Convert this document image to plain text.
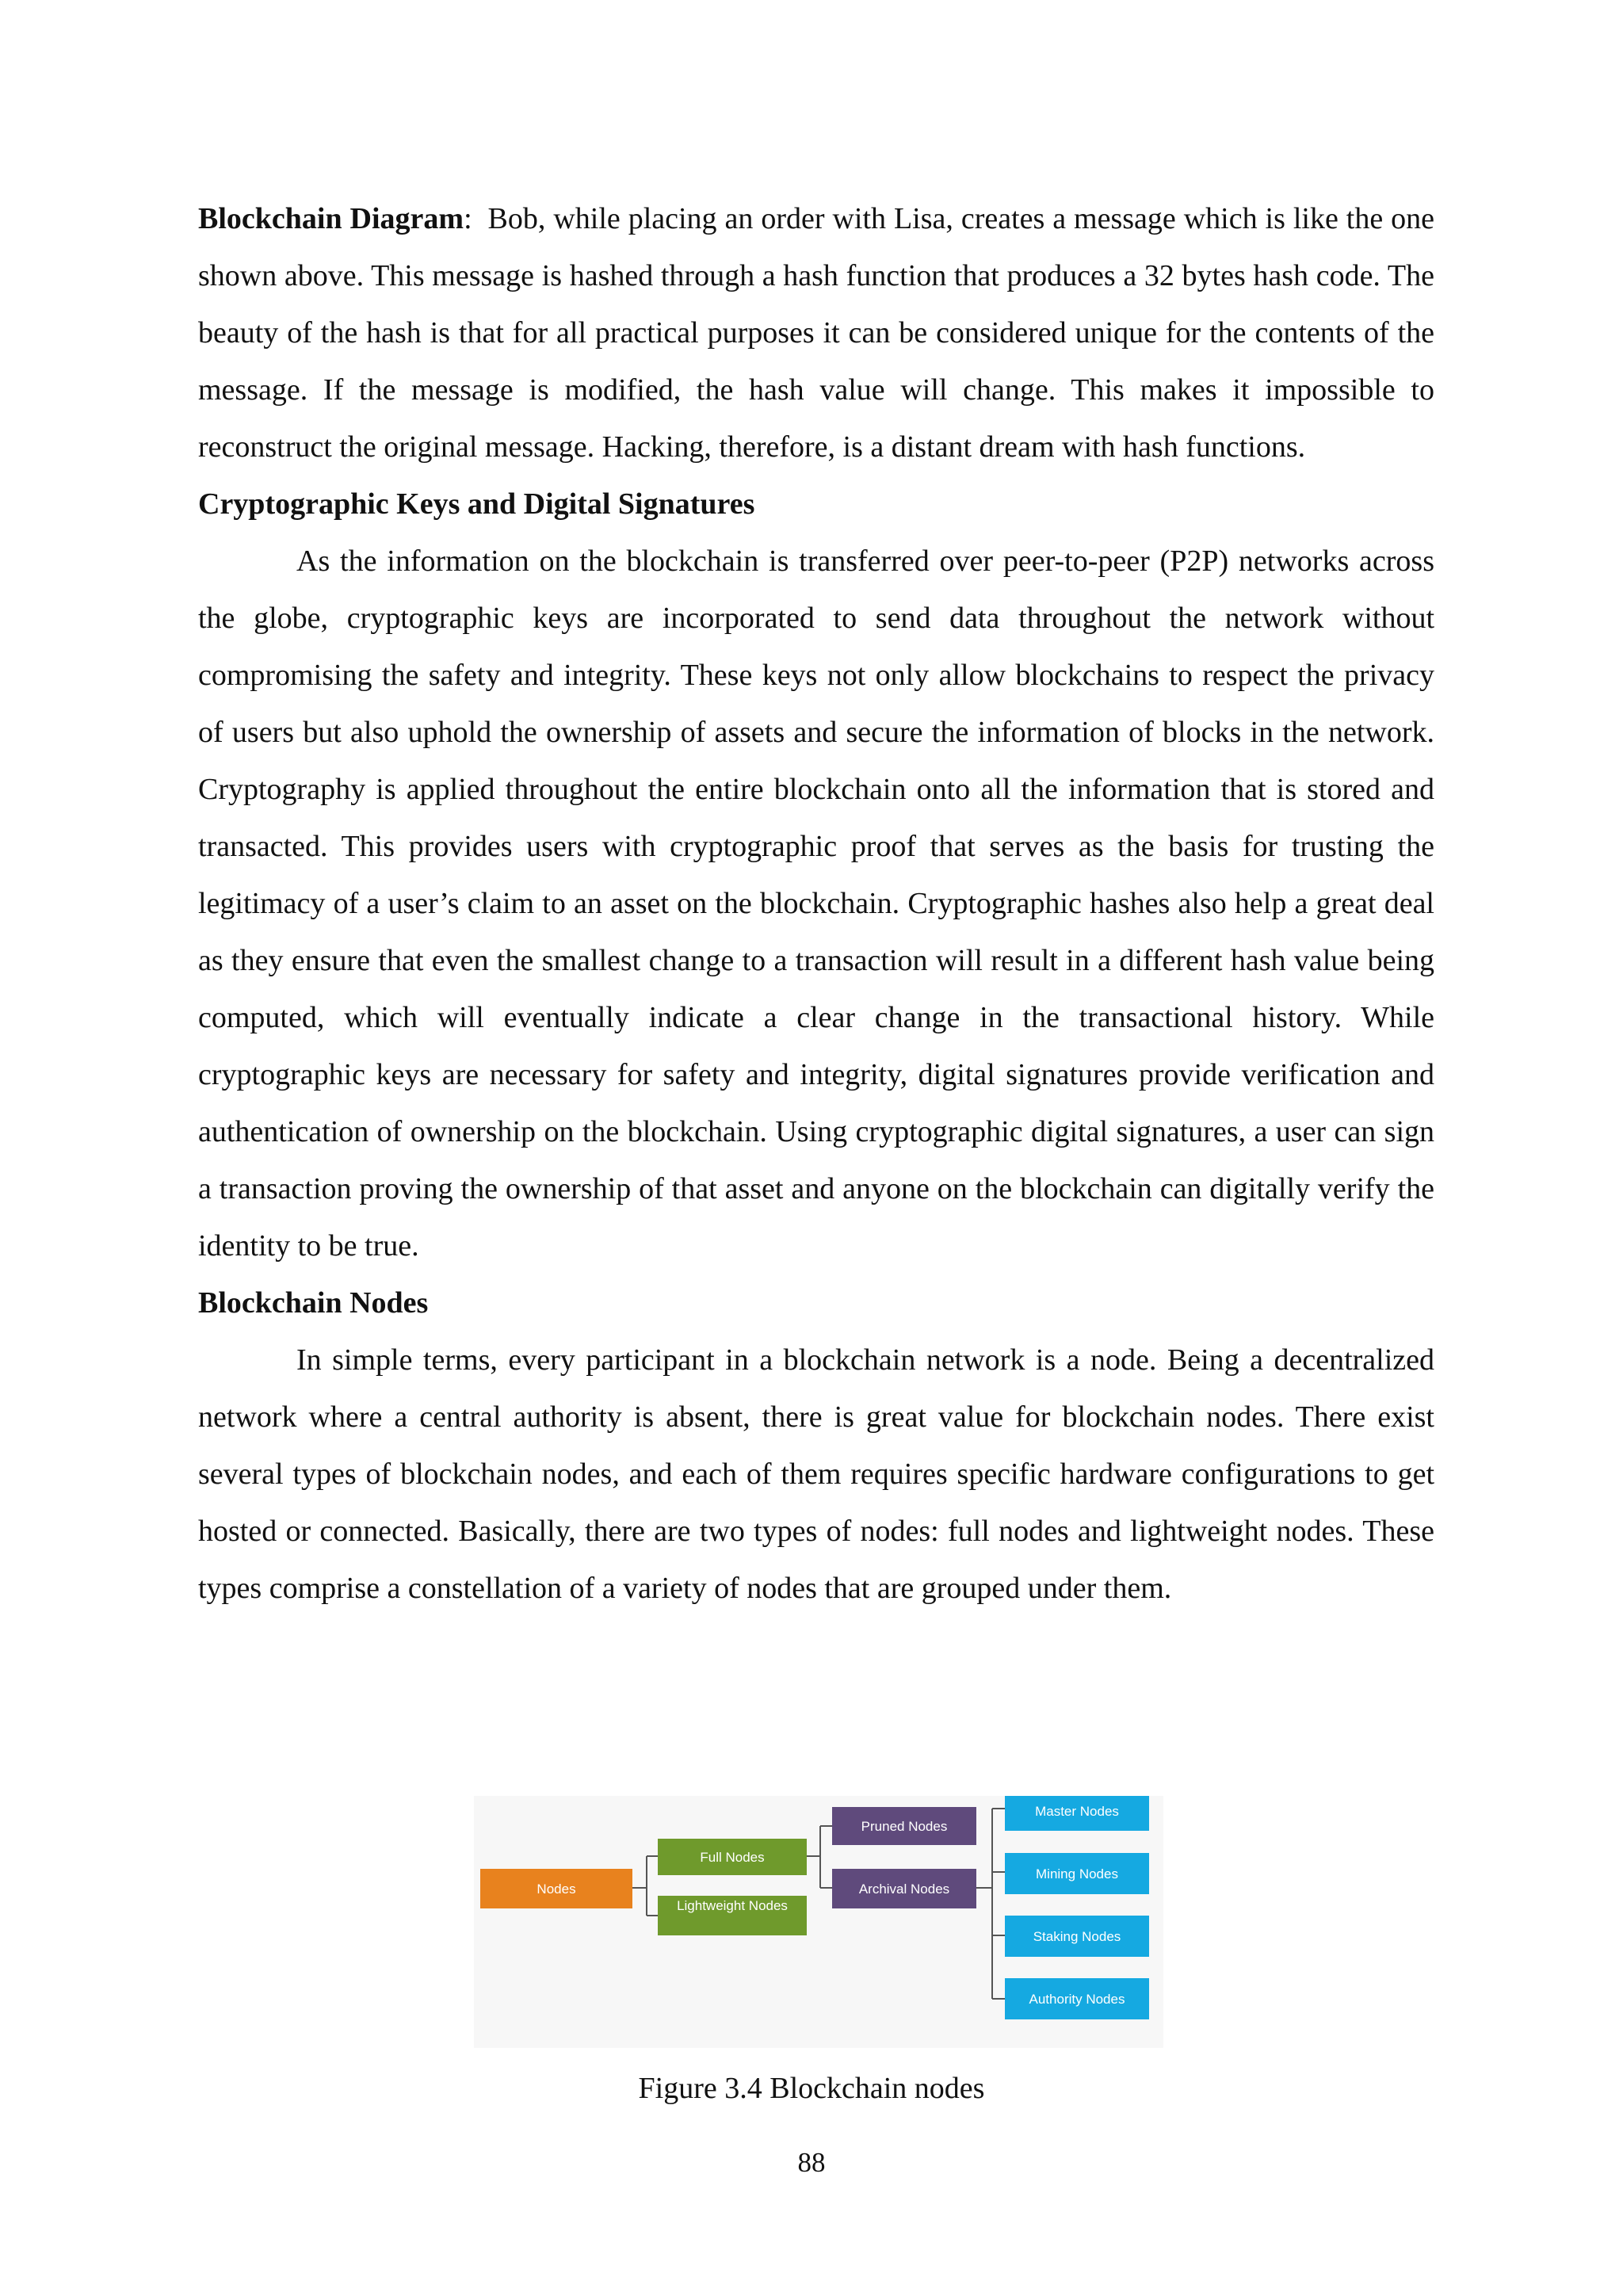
Blockchain Diagram: Bob, while placing an order with Lisa, creates a message which is like the one shown above. This message is hashed through a hash function that produces a 32 bytes hash code. The beauty of the hash is that for all practical purposes it can be considered unique for the contents of the message. If the message is modified, the hash value will change. This makes it impossible to reconstruct the original message. Hacking, therefore, is a distant dream with hash functions.

Cryptographic Keys and Digital Signatures

As the information on the blockchain is transferred over peer-to-peer (P2P) networks across the globe, cryptographic keys are incorporated to send data throughout the network without compromising the safety and integrity. These keys not only allow blockchains to respect the privacy of users but also uphold the ownership of assets and secure the information of blocks in the network. Cryptography is applied throughout the entire blockchain onto all the information that is stored and transacted. This provides users with cryptographic proof that serves as the basis for trusting the legitimacy of a user’s claim to an asset on the blockchain. Cryptographic hashes also help a great deal as they ensure that even the smallest change to a transaction will result in a different hash value being computed, which will eventually indicate a clear change in the transactional history. While cryptographic keys are necessary for safety and integrity, digital signatures provide verification and authentication of ownership on the blockchain. Using cryptographic digital signatures, a user can sign a transaction proving the ownership of that asset and anyone on the blockchain can digitally verify the identity to be true.

Blockchain Nodes

In simple terms, every participant in a blockchain network is a node. Being a decentralized network where a central authority is absent, there is great value for blockchain nodes. There exist several types of blockchain nodes, and each of them requires specific hardware configurations to get hosted or connected. Basically, there are two types of nodes: full nodes and lightweight nodes. These types comprise a constellation of a variety of nodes that are grouped under them.

Nodes
Full Nodes
Lightweight Nodes
Pruned Nodes
Archival Nodes
Master Nodes
Mining Nodes
Staking Nodes
Authority Nodes
Figure 3.4 Blockchain nodes
88
